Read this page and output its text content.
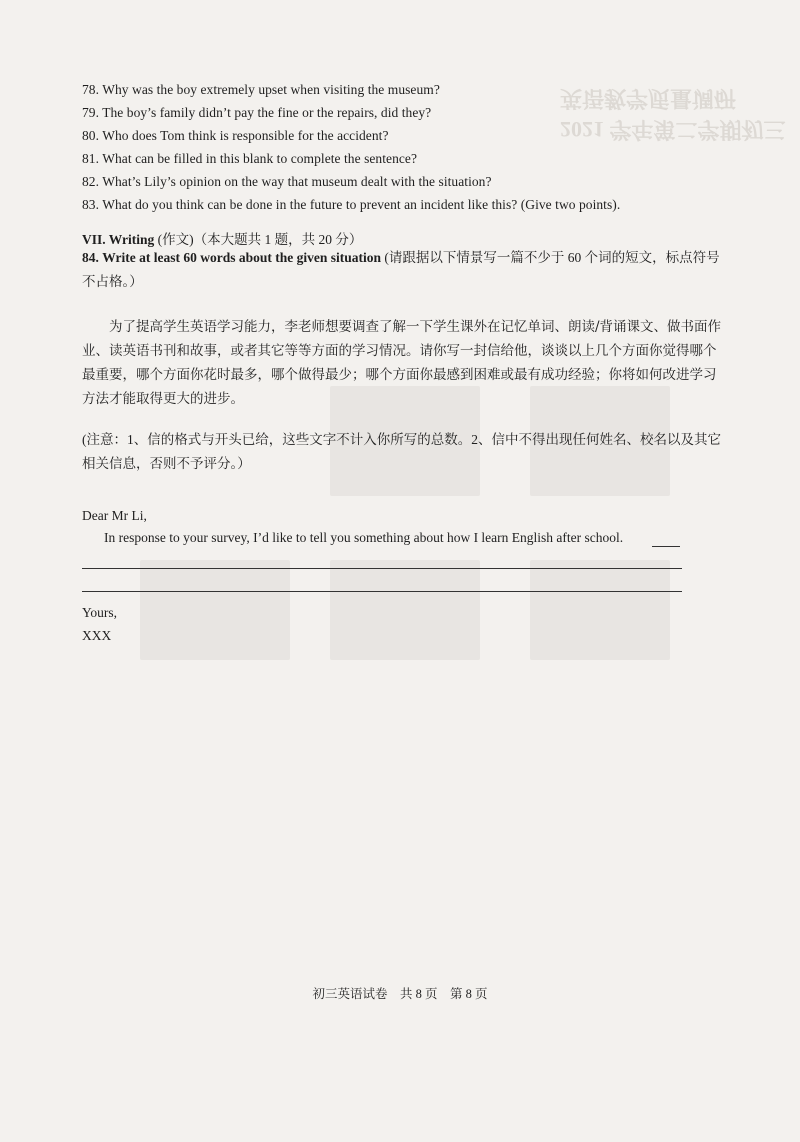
2021 学年第二学期初三英语教学质量调研
78. Why was the boy extremely upset when visiting the museum?
79. The boy’s family didn’t pay the fine or the repairs, did they?
80. Who does Tom think is responsible for the accident?
81. What can be filled in this blank to complete the sentence?
82. What’s Lily’s opinion on the way that museum dealt with the situation?
83. What do you think can be done in the future to prevent an incident like this? (Give two points).
VII. Writing (作文)（本大题共 1 题，共 20 分）
84. Write at least 60 words about the given situation (请跟据以下情景写一篇不少于 60 个词的短文，标点符号不占格。）
为了提高学生英语学习能力，李老师想要调查了解一下学生课外在记忆单词、朗读/背诵课文、做书面作业、读英语书刊和故事，或者其它等等方面的学习情况。请你写一封信给他，谈谈以上几个方面你觉得哪个最重要，哪个方面你花时最多，哪个做得最少；哪个方面你最感到困难或最有成功经验；你将如何改进学习方法才能取得更大的进步。
(注意：1、信的格式与开头已给，这些文字不计入你所写的总数。2、信中不得出现任何姓名、校名以及其它相关信息，否则不予评分。）
Dear Mr Li,
In response to your survey, I’d like to tell you something about how I learn English after school.
Yours,
XXX
初三英语试卷　共 8 页　第 8 页
